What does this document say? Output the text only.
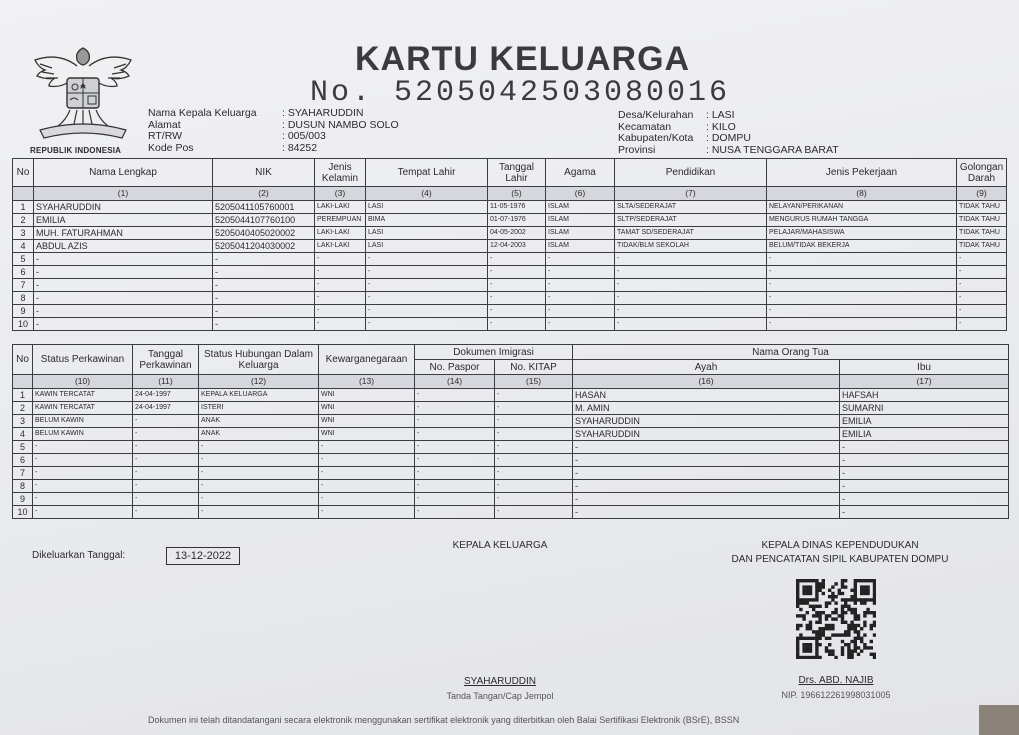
REPUBLIK INDONESIA
KARTU KELUARGA
No. 5205042503080016
Nama Kepala Keluarga	: SYAHARUDDIN
Alamat	: DUSUN NAMBO SOLO
RT/RW	: 005/003
Kode Pos	: 84252
Desa/Kelurahan	: LASI
Kecamatan	: KILO
Kabupaten/Kota	: DOMPU
Provinsi	: NUSA TENGGARA BARAT
No	Nama Lengkap	NIK	Jenis Kelamin	Tempat Lahir	Tanggal Lahir	Agama	Pendidikan	Jenis Pekerjaan	Golongan Darah
	(1)	(2)	(3)	(4)	(5)	(6)	(7)	(8)	(9)
1	SYAHARUDDIN	5205041105760001	LAKI-LAKI	LASI	11-05-1976	ISLAM	SLTA/SEDERAJAT	NELAYAN/PERIKANAN	TIDAK TAHU
2	EMILIA	5205044107760100	PEREMPUAN	BIMA	01-07-1976	ISLAM	SLTP/SEDERAJAT	MENGURUS RUMAH TANGGA	TIDAK TAHU
3	MUH. FATURAHMAN	5205040405020002	LAKI-LAKI	LASI	04-05-2002	ISLAM	TAMAT SD/SEDERAJAT	PELAJAR/MAHASISWA	TIDAK TAHU
4	ABDUL AZIS	5205041204030002	LAKI-LAKI	LASI	12-04-2003	ISLAM	TIDAK/BLM SEKOLAH	BELUM/TIDAK BEKERJA	TIDAK TAHU
5	-	-	-	-	-	-	-	-	-
6	-	-	-	-	-	-	-	-	-
7	-	-	-	-	-	-	-	-	-
8	-	-	-	-	-	-	-	-	-
9	-	-	-	-	-	-	-	-	-
10	-	-	-	-	-	-	-	-	-
No	Status Perkawinan	Tanggal Perkawinan	Status Hubungan Dalam Keluarga	Kewarganegaraan	Dokumen Imigrasi		Nama Orang Tua	
					No. Paspor	No. KITAP	Ayah	Ibu
	(10)	(11)	(12)	(13)	(14)	(15)	(16)	(17)
1	KAWIN TERCATAT	24-04-1997	KEPALA KELUARGA	WNI	-	-	HASAN	HAFSAH
2	KAWIN TERCATAT	24-04-1997	ISTERI	WNI	-	-	M. AMIN	SUMARNI
3	BELUM KAWIN	-	ANAK	WNI	-	-	SYAHARUDDIN	EMILIA
4	BELUM KAWIN	-	ANAK	WNI	-	-	SYAHARUDDIN	EMILIA
5	-	-	-	-	-	-	-	-
6	-	-	-	-	-	-	-	-
7	-	-	-	-	-	-	-	-
8	-	-	-	-	-	-	-	-
9	-	-	-	-	-	-	-	-
10	-	-	-	-	-	-	-	-
Dikeluarkan Tanggal:	13-12-2022
KEPALA KELUARGA
SYAHARUDDIN
Tanda Tangan/Cap Jempol
KEPALA DINAS KEPENDUDUKAN
DAN PENCATATAN SIPIL KABUPATEN DOMPU
Drs. ABD. NAJIB
NIP. 196612261998031005
Dokumen ini telah ditandatangani secara elektronik menggunakan sertifikat elektronik yang diterbitkan oleh Balai Sertifikasi Elektronik (BSrE), BSSN
